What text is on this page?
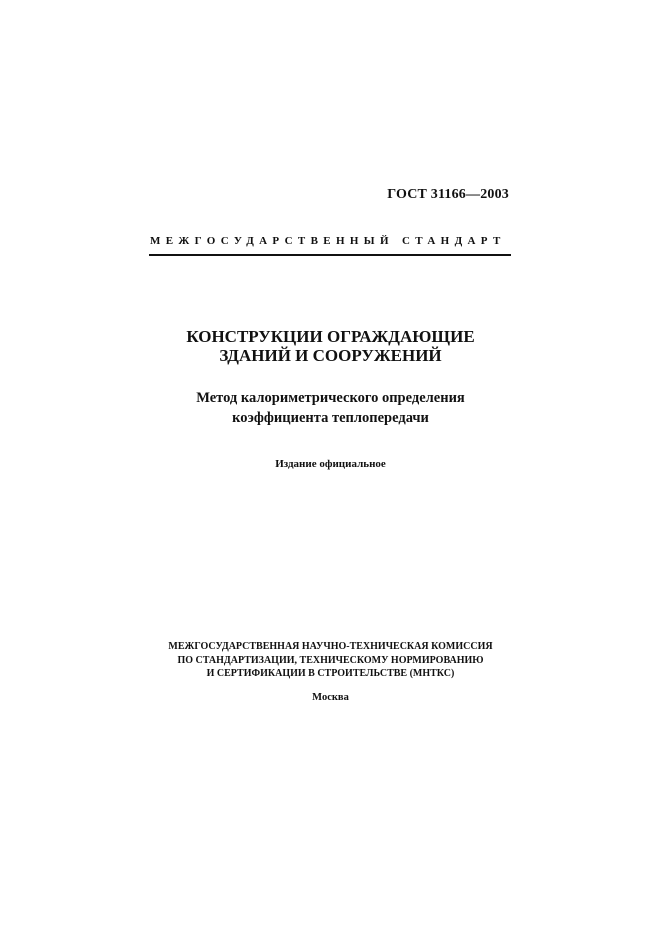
ГОСТ 31166—2003
МЕЖГОСУДАРСТВЕННЫЙ СТАНДАРТ
КОНСТРУКЦИИ ОГРАЖДАЮЩИЕ
ЗДАНИЙ И СООРУЖЕНИЙ
Метод калориметрического определения
коэффициента теплопередачи
Издание официальное
МЕЖГОСУДАРСТВЕННАЯ НАУЧНО-ТЕХНИЧЕСКАЯ КОМИССИЯ
ПО СТАНДАРТИЗАЦИИ, ТЕХНИЧЕСКОМУ НОРМИРОВАНИЮ
И СЕРТИФИКАЦИИ В СТРОИТЕЛЬСТВЕ (МНТКС)
Москва
